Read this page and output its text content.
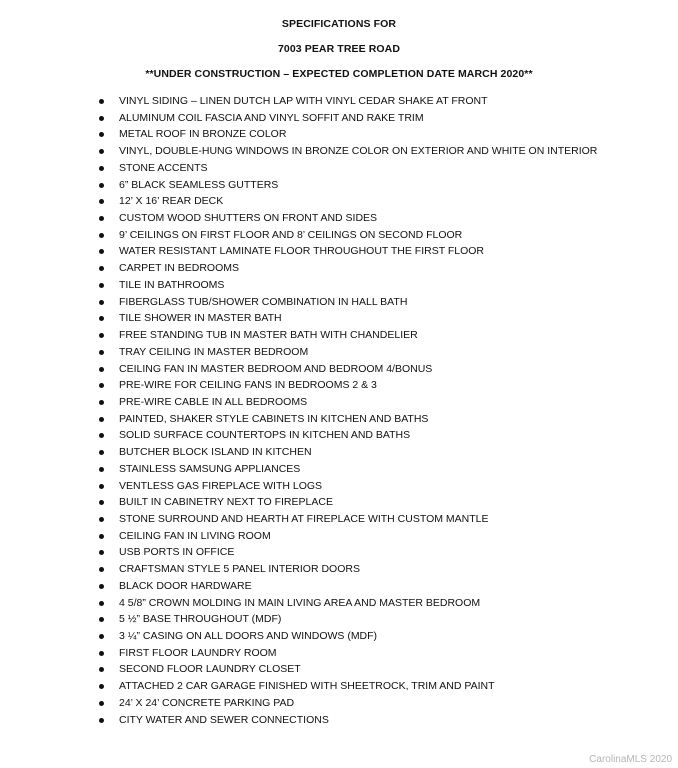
SPECIFICATIONS FOR
7003 PEAR TREE ROAD
**UNDER CONSTRUCTION – EXPECTED COMPLETION DATE MARCH 2020**
VINYL SIDING – LINEN DUTCH LAP WITH VINYL CEDAR SHAKE AT FRONT
ALUMINUM COIL FASCIA AND VINYL SOFFIT AND RAKE TRIM
METAL ROOF IN BRONZE COLOR
VINYL, DOUBLE-HUNG WINDOWS IN BRONZE COLOR ON EXTERIOR AND WHITE ON INTERIOR
STONE ACCENTS
6” BLACK SEAMLESS GUTTERS
12’ X 16’ REAR DECK
CUSTOM WOOD SHUTTERS ON FRONT AND SIDES
9’ CEILINGS ON FIRST FLOOR AND 8’ CEILINGS ON SECOND FLOOR
WATER RESISTANT LAMINATE FLOOR THROUGHOUT THE FIRST FLOOR
CARPET IN BEDROOMS
TILE IN BATHROOMS
FIBERGLASS TUB/SHOWER COMBINATION IN HALL BATH
TILE SHOWER IN MASTER BATH
FREE STANDING TUB IN MASTER BATH WITH CHANDELIER
TRAY CEILING IN MASTER BEDROOM
CEILING FAN IN MASTER BEDROOM AND BEDROOM 4/BONUS
PRE-WIRE FOR CEILING FANS IN BEDROOMS 2 & 3
PRE-WIRE CABLE IN ALL BEDROOMS
PAINTED, SHAKER STYLE CABINETS IN KITCHEN AND BATHS
SOLID SURFACE COUNTERTOPS IN KITCHEN AND BATHS
BUTCHER BLOCK ISLAND IN KITCHEN
STAINLESS SAMSUNG APPLIANCES
VENTLESS GAS FIREPLACE WITH LOGS
BUILT IN CABINETRY NEXT TO FIREPLACE
STONE SURROUND AND HEARTH AT FIREPLACE WITH CUSTOM MANTLE
CEILING FAN IN LIVING ROOM
USB PORTS IN OFFICE
CRAFTSMAN STYLE 5 PANEL INTERIOR DOORS
BLACK DOOR HARDWARE
4 5/8” CROWN MOLDING IN MAIN LIVING AREA AND MASTER BEDROOM
5 ½” BASE THROUGHOUT (MDF)
3 ¼” CASING ON ALL DOORS AND WINDOWS (MDF)
FIRST FLOOR LAUNDRY ROOM
SECOND FLOOR LAUNDRY CLOSET
ATTACHED 2 CAR GARAGE FINISHED WITH SHEETROCK, TRIM AND PAINT
24’ X 24’ CONCRETE PARKING PAD
CITY WATER AND SEWER CONNECTIONS
CarolinaMLS 2020
